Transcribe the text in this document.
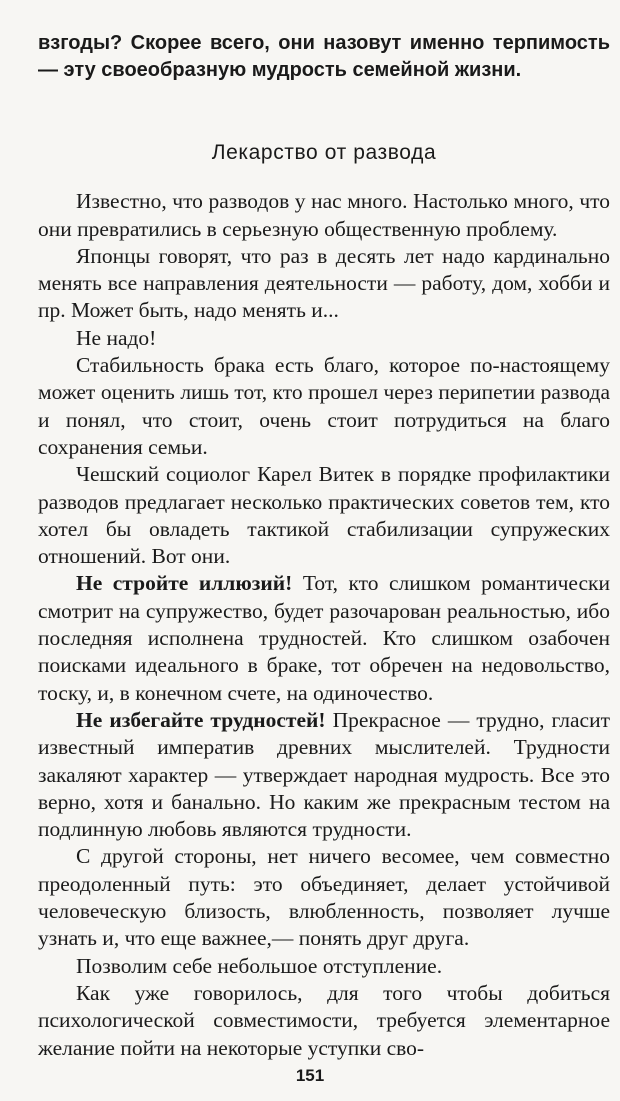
взгоды? Скорее всего, они назовут именно терпимость — эту своеобразную мудрость семейной жизни.

Лекарство от развода

Известно, что разводов у нас много. Настолько много, что они превратились в серьезную общественную проблему.

Японцы говорят, что раз в десять лет надо кардинально менять все направления деятельности — работу, дом, хобби и пр. Может быть, надо менять и...

Не надо!

Стабильность брака есть благо, которое по-настоящему может оценить лишь тот, кто прошел через перипетии развода и понял, что стоит, очень стоит потрудиться на благо сохранения семьи.

Чешский социолог Карел Витек в порядке профилактики разводов предлагает несколько практических советов тем, кто хотел бы овладеть тактикой стабилизации супружеских отношений. Вот они.

Не стройте иллюзий! Тот, кто слишком романтически смотрит на супружество, будет разочарован реальностью, ибо последняя исполнена трудностей. Кто слишком озабочен поисками идеального в браке, тот обречен на недовольство, тоску, и, в конечном счете, на одиночество.

Не избегайте трудностей! Прекрасное — трудно, гласит известный императив древних мыслителей. Трудности закаляют характер — утверждает народная мудрость. Все это верно, хотя и банально. Но каким же прекрасным тестом на подлинную любовь являются трудности.

С другой стороны, нет ничего весомее, чем совместно преодоленный путь: это объединяет, делает устойчивой человеческую близость, влюбленность, позволяет лучше узнать и, что еще важнее,— понять друг друга.

Позволим себе небольшое отступление.

Как уже говорилось, для того чтобы добиться психологической совместимости, требуется элементарное желание пойти на некоторые уступки сво-

151
